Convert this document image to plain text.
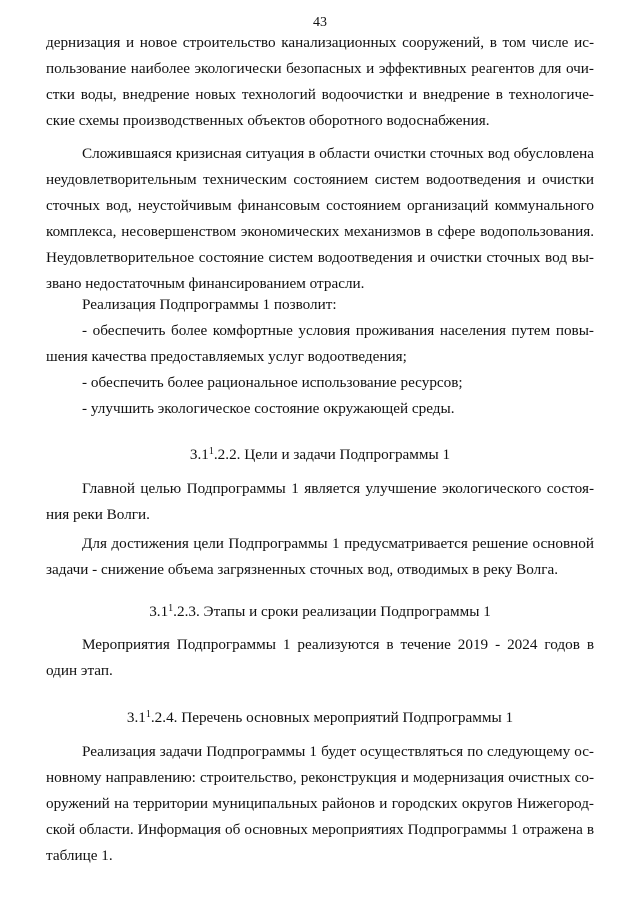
43
дернизация и новое строительство канализационных сооружений, в том числе ис-
пользование наиболее экологически безопасных и эффективных реагентов для очи-
стки воды, внедрение новых технологий водоочистки и внедрение в технологиче-
ские схемы производственных объектов оборотного водоснабжения.
Сложившаяся кризисная ситуация в области очистки сточных вод обусловлена
неудовлетворительным техническим состоянием систем водоотведения и очистки
сточных вод, неустойчивым финансовым состоянием организаций коммунального
комплекса, несовершенством экономических механизмов в сфере водопользования.
Неудовлетворительное состояние систем водоотведения и очистки сточных вод вы-
звано недостаточным финансированием отрасли.
Реализация Подпрограммы 1 позволит:
- обеспечить более комфортные условия проживания населения путем повы-
шения качества предоставляемых услуг водоотведения;
- обеспечить более рациональное использование ресурсов;
- улучшить экологическое состояние окружающей среды.
$3.1^1.2.2$. Цели и задачи Подпрограммы 1
Главной целью Подпрограммы 1 является улучшение экологического состоя-
ния реки Волги.
Для достижения цели Подпрограммы 1 предусматривается решение основной
задачи - снижение объема загрязненных сточных вод, отводимых в реку Волга.
$3.1^1.2.3$. Этапы и сроки реализации Подпрограммы 1
Мероприятия Подпрограммы 1 реализуются в течение 2019 - 2024 годов в
один этап.
$3.1^1.2.4$. Перечень основных мероприятий Подпрограммы 1
Реализация задачи Подпрограммы 1 будет осуществляться по следующему ос-
новному направлению: строительство, реконструкция и модернизация очистных со-
оружений на территории муниципальных районов и городских округов Нижегород-
ской области. Информация об основных мероприятиях Подпрограммы 1 отражена в
таблице 1.
